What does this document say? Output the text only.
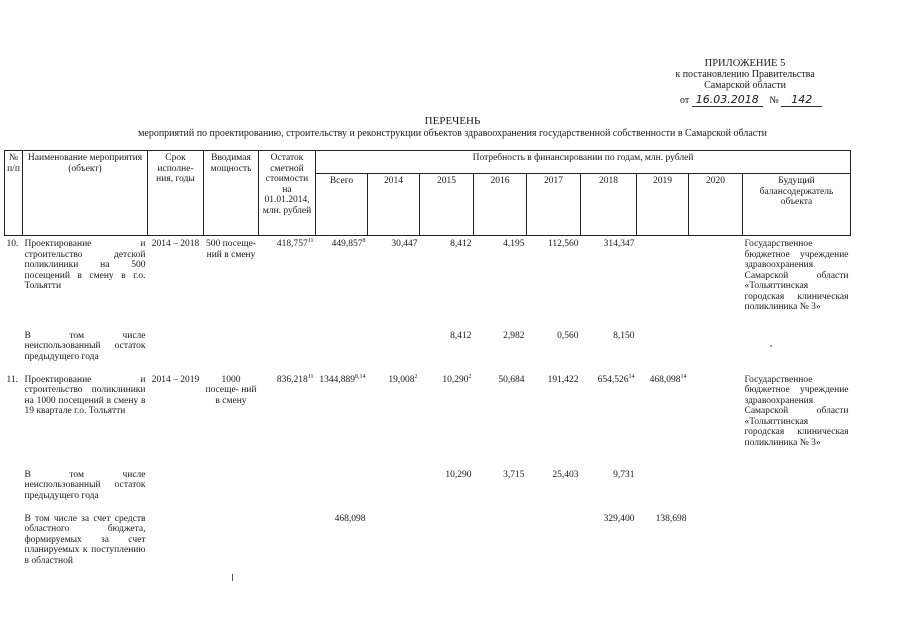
ПРИЛОЖЕНИЕ 5
к постановлению Правительства
Самарской области
от 16.03.2018 № 142
ПЕРЕЧЕНЬ
мероприятий по проектированию, строительству и реконструкции объектов здравоохранения государственной собственности в Самарской области
№ п/п	Наименование мероприятия (объект)	Срок исполне- ния, годы	Вводимая мощность	Остаток сметной стоимости на 01.01.2014, млн. рублей	Потребность в финансировании по годам, млн. рублей								
					Всего	2014	2015	2016	2017	2018	2019	2020	Будущий балансодержатель объекта
10.	Проектирование и строительство детской поликлиники на 500 посещений в смену в г.о. Тольятти	2014 – 2018	500 посеще- ний в смену	418,757$^{11}$	449,857$^8$	30,447	8,412	4,195	112,560	314,347			Государственное бюджетное учреждение здравоохранения Самарской области «Тольяттинская городская клиническая поликлиника № 3»
	В том числе неиспользованный остаток предыдущего года						8,412	2,982	0,560	8,150			
11.	Проектирование и строительство поликлиники на 1000 посещений в смену в 19 квартале г.о. Тольятти	2014 – 2019	1000 посеще- ний в смену	836,218$^{11}$	1344,889$^{8,14}$	19,008$^2$	10,290$^2$	50,684	191,422	654,526$^{14}$	468,098$^{14}$		Государственное бюджетное учреждение здравоохранения Самарской области «Тольяттинская городская клиническая поликлиника № 3»
	В том числе неиспользованный остаток предыдущего года						10,290	3,715	25,403	9,731			
	В том числе за счет средств областного бюджета, формируемых за счет планируемых к поступлению в областной				468,098					329,400	138,698		
